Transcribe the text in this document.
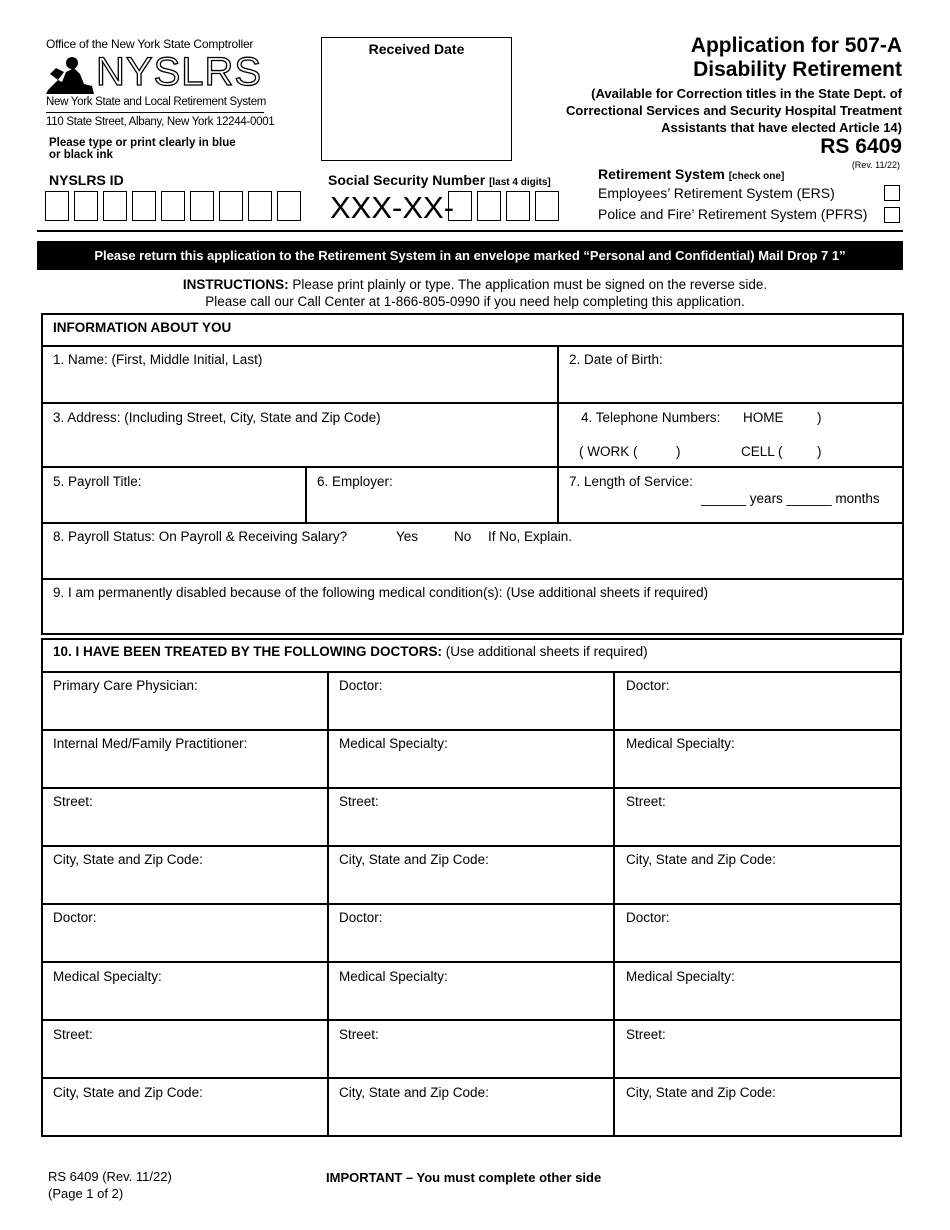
Office of the New York State Comptroller
NYSLRS
New York State and Local Retirement System
110 State Street, Albany, New York 12244-0001
Please type or print clearly in blue or black ink
Received Date	Application for 507-A
Disability Retirement
(Available for Correction titles in the State Dept. of Correctional Services and Security Hospital Treatment Assistants that have elected Article 14)
RS 6409
(Rev. 11/22)
NYSLRS ID	Social Security Number [last 4 digits]
XXX-XX-
Retirement System [check one]
Employees’ Retirement System (ERS)
Police and Fire’ Retirement System (PFRS)
Please return this application to the Retirement System in an envelope marked “Personal and Confidential) Mail Drop 7 1”
INSTRUCTIONS: Please print plainly or type. The application must be signed on the reverse side.
Please call our Call Center at 1-866-805-0990 if you need help completing this application.
INFORMATION ABOUT YOU
1. Name: (First, Middle Initial, Last)	2. Date of Birth:
3. Address: (Including Street, City, State and Zip Code)	4. Telephone Numbers: HOME )
( WORK (	)	CELL (	)
5. Payroll Title:	6. Employer:	7. Length of Service:
______ years ______ months
8. Payroll Status: On Payroll & Receiving Salary?	Yes	No If No, Explain.
9. I am permanently disabled because of the following medical condition(s): (Use additional sheets if required)
10. I HAVE BEEN TREATED BY THE FOLLOWING DOCTORS: (Use additional sheets if required)
Primary Care Physician:	Doctor:	Doctor:
Internal Med/Family Practitioner:	Medical Specialty:	Medical Specialty:
Street:	Street:	Street:
City, State and Zip Code:	City, State and Zip Code:	City, State and Zip Code:
Doctor:	Doctor:	Doctor:
Medical Specialty:	Medical Specialty:	Medical Specialty:
Street:	Street:	Street:
City, State and Zip Code:	City, State and Zip Code:	City, State and Zip Code:
RS 6409 (Rev. 11/22)
(Page 1 of 2)
IMPORTANT – You must complete other side
